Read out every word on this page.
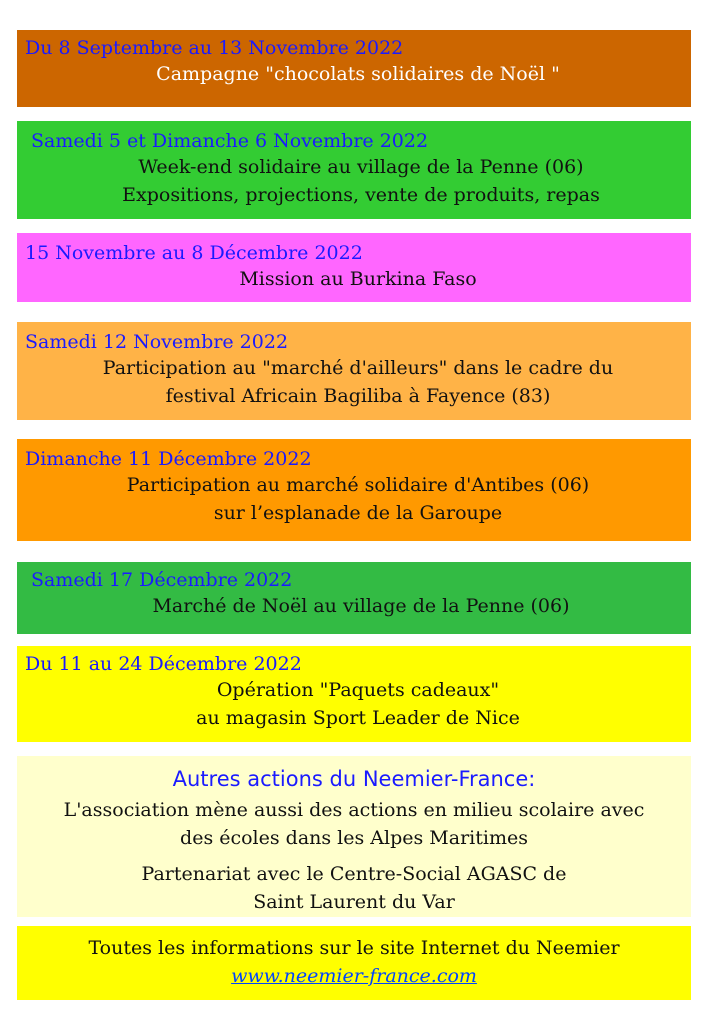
Du 8 Septembre au 13 Novembre 2022
Campagne "chocolats solidaires de Noël "
Samedi 5 et Dimanche 6 Novembre 2022
Week-end solidaire au village de la Penne (06)
Expositions, projections, vente de produits, repas
15 Novembre au 8 Décembre 2022
Mission au Burkina Faso
Samedi 12 Novembre 2022
Participation au "marché d'ailleurs" dans le cadre du
festival Africain Bagiliba à Fayence (83)
Dimanche 11 Décembre 2022
Participation au marché solidaire d'Antibes (06)
sur l’esplanade de la Garoupe
Samedi 17 Décembre 2022
Marché de Noël au village de la Penne (06)
Du 11 au 24 Décembre 2022
Opération "Paquets cadeaux"
au magasin Sport Leader de Nice
Autres actions du Neemier-France:
L'association mène aussi des actions en milieu scolaire avec
des écoles dans les Alpes Maritimes
Partenariat avec le Centre-Social AGASC de
Saint Laurent du Var
Toutes les informations sur le site Internet du Neemier
www.neemier-france.com
